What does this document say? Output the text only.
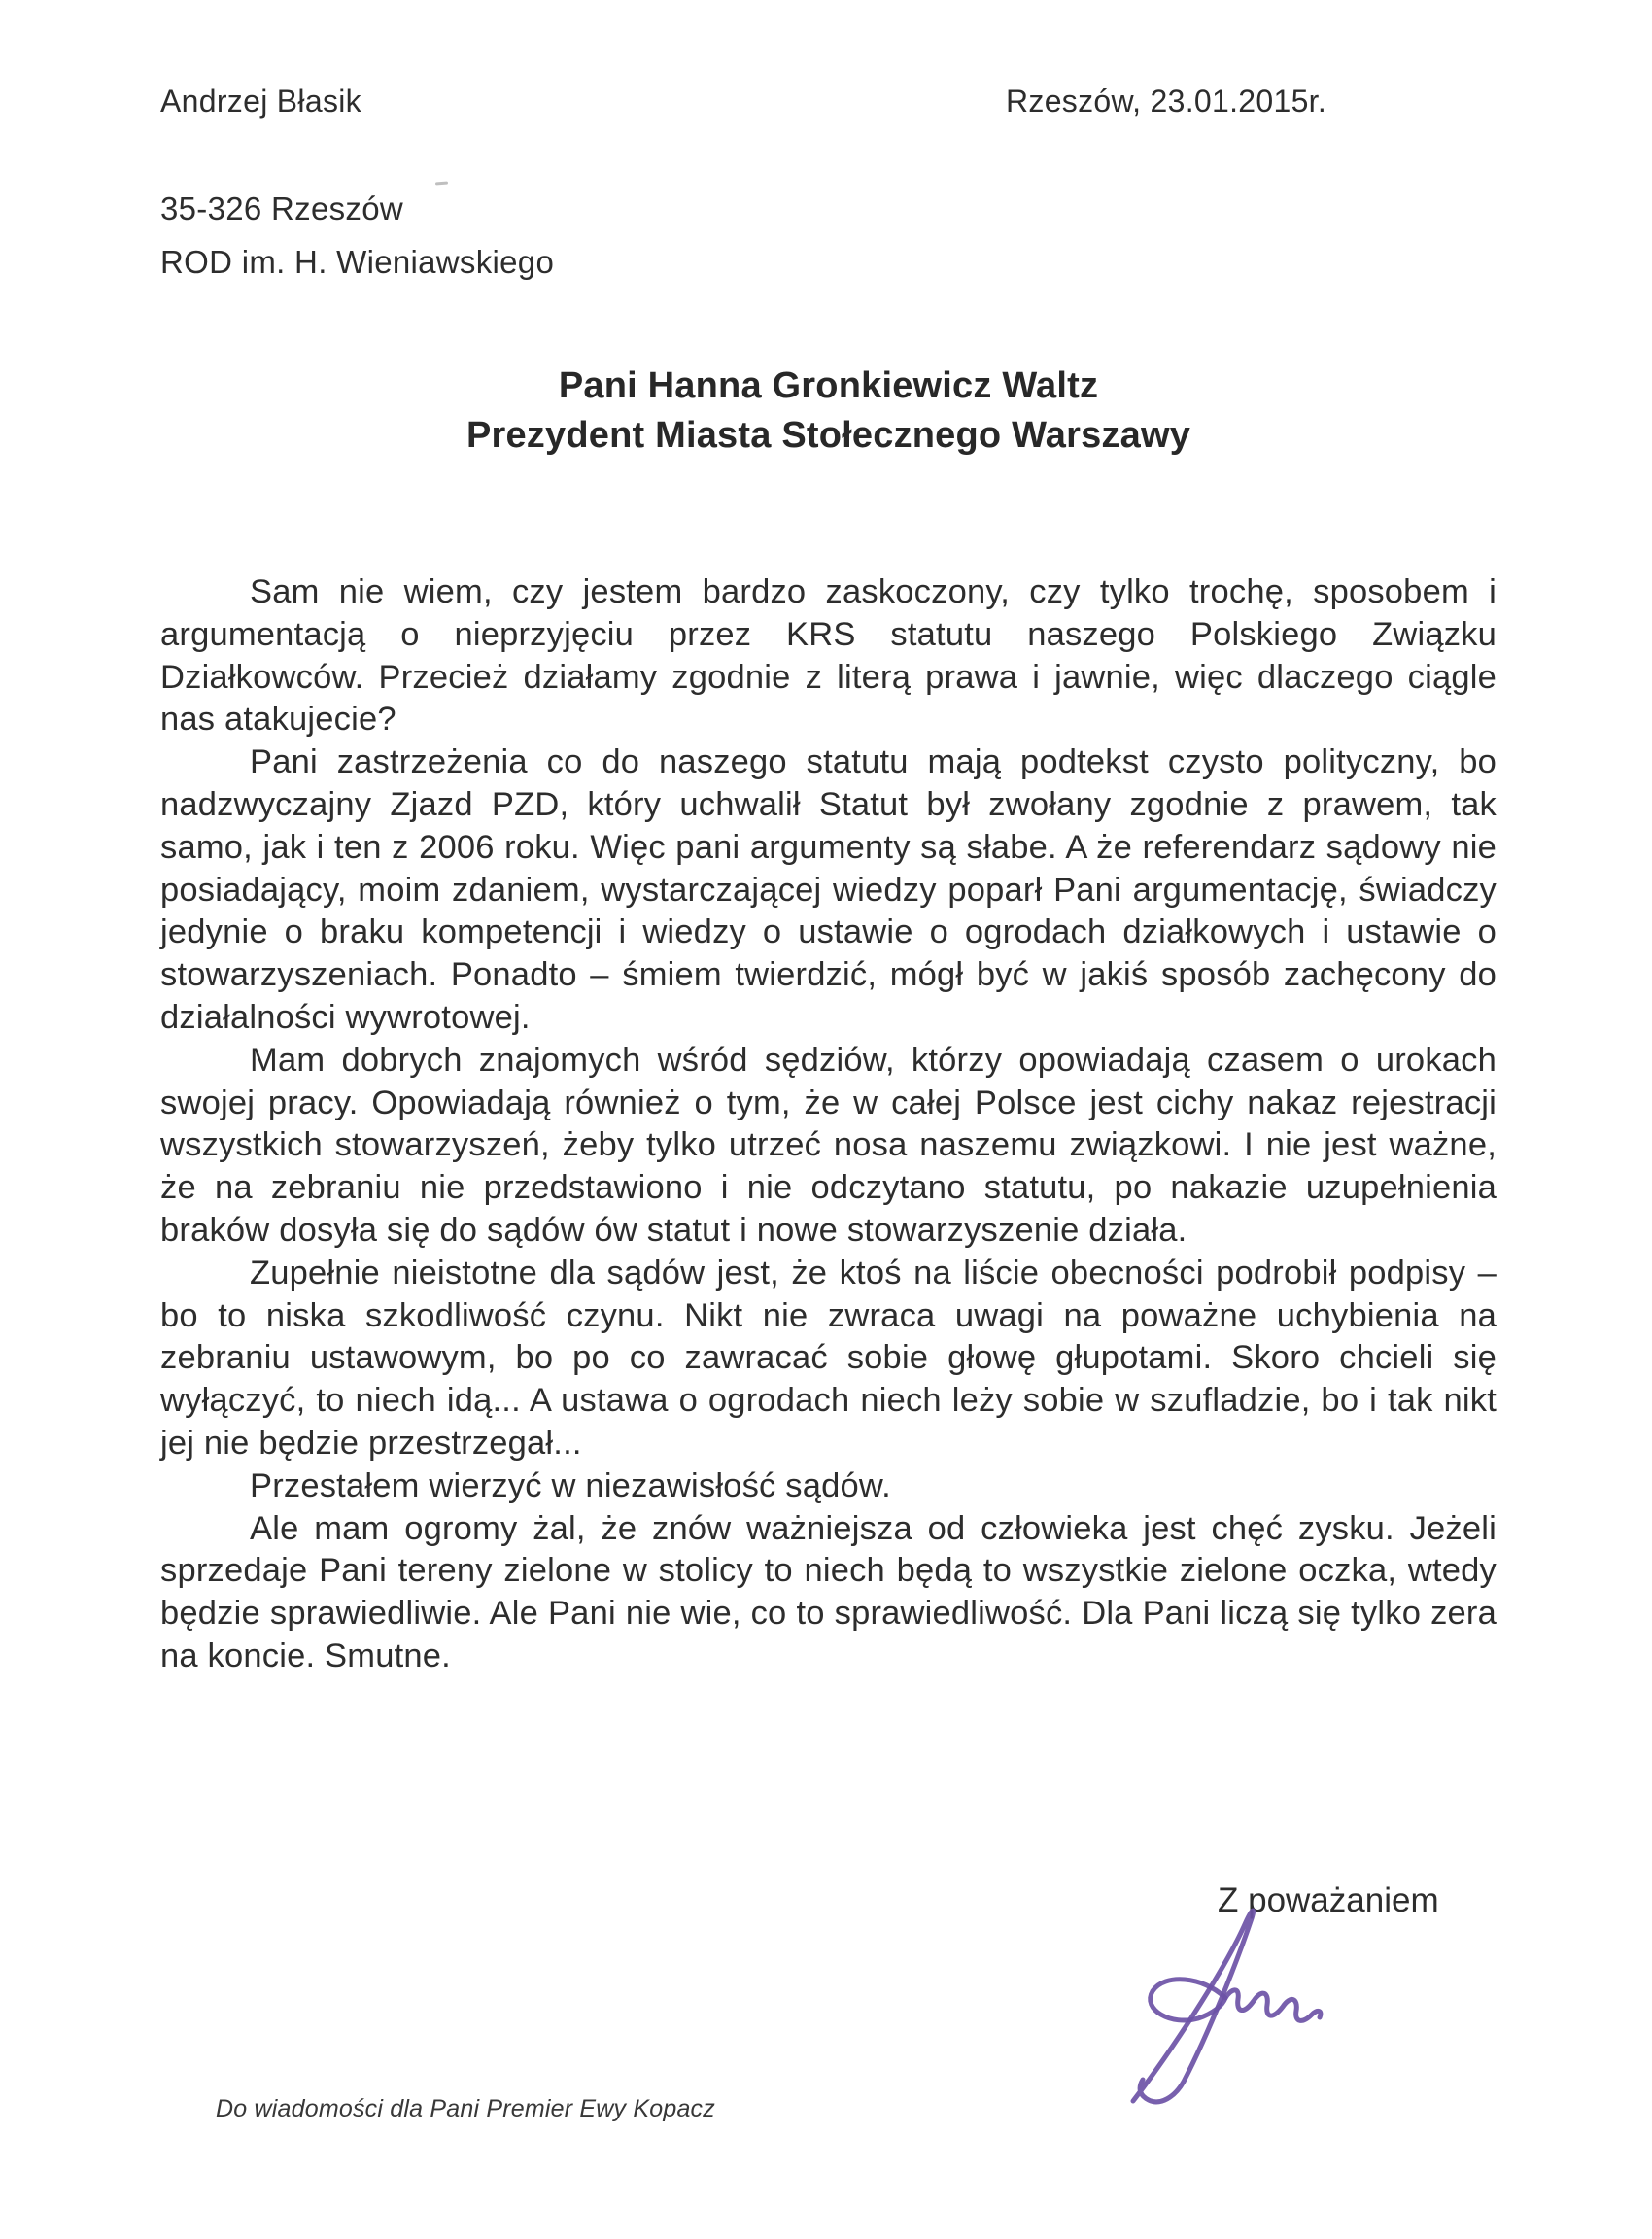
Andrzej Błasik	Rzeszów, 23.01.2015r.
35-326 Rzeszów
ROD im. H. Wieniawskiego
Pani Hanna Gronkiewicz Waltz
Prezydent Miasta Stołecznego Warszawy

Sam nie wiem, czy jestem bardzo zaskoczony, czy tylko trochę, sposobem i argumentacją o nieprzyjęciu przez KRS statutu naszego Polskiego Związku Działkowców. Przecież działamy zgodnie z literą prawa i jawnie, więc dlaczego ciągle nas atakujecie?

Pani zastrzeżenia co do naszego statutu mają podtekst czysto polityczny, bo nadzwyczajny Zjazd PZD, który uchwalił Statut był zwołany zgodnie z prawem, tak samo, jak i ten z 2006 roku. Więc pani argumenty są słabe. A że referendarz sądowy nie posiadający, moim zdaniem, wystarczającej wiedzy poparł Pani argumentację, świadczy jedynie o braku kompetencji i wiedzy o ustawie o ogrodach działkowych i ustawie o stowarzyszeniach. Ponadto – śmiem twierdzić, mógł być w jakiś sposób zachęcony do działalności wywrotowej.

Mam dobrych znajomych wśród sędziów, którzy opowiadają czasem o urokach swojej pracy. Opowiadają również o tym, że w całej Polsce jest cichy nakaz rejestracji wszystkich stowarzyszeń, żeby tylko utrzeć nosa naszemu związkowi. I nie jest ważne, że na zebraniu nie przedstawiono i nie odczytano statutu, po nakazie uzupełnienia braków dosyła się do sądów ów statut i nowe stowarzyszenie działa.

Zupełnie nieistotne dla sądów jest, że ktoś na liście obecności podrobił podpisy – bo to niska szkodliwość czynu. Nikt nie zwraca uwagi na poważne uchybienia na zebraniu ustawowym, bo po co zawracać sobie głowę głupotami. Skoro chcieli się wyłączyć, to niech idą... A ustawa o ogrodach niech leży sobie w szufladzie, bo i tak nikt jej nie będzie przestrzegał...

Przestałem wierzyć w niezawisłość sądów.

Ale mam ogromy żal, że znów ważniejsza od człowieka jest chęć zysku. Jeżeli sprzedaje Pani tereny zielone w stolicy to niech będą to wszystkie zielone oczka, wtedy będzie sprawiedliwie. Ale Pani nie wie, co to sprawiedliwość. Dla Pani liczą się tylko zera na koncie. Smutne.

Z poważaniem
Do wiadomości dla Pani Premier Ewy Kopacz
